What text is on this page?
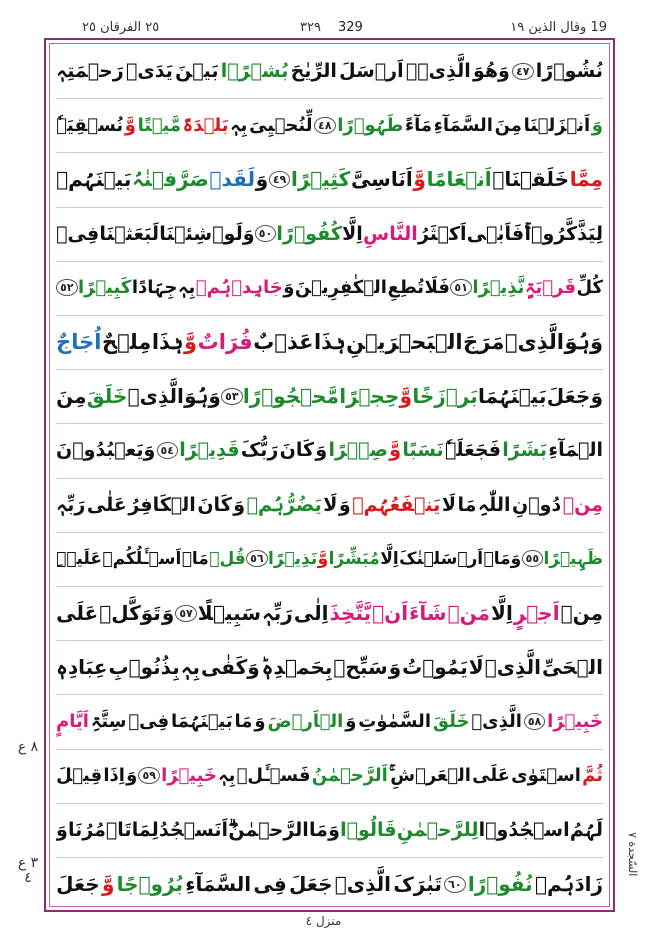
٢٥ الفرقان ٢٥	٣٢٩ 329	19 وقال الذين ١٩
نُشُوۡرًا
٤٧
وَهُوَ
الَّذِیۡۤ
اَرۡسَلَ
الرِّیٰحَ
بُشۡرًۢا
بَیۡنَ
یَدَیۡ
رَحۡمَتِہٖ
وَ
اَنۡزَلۡنَا
مِنَ
السَّمَآءِ
مَآءً
طَہُوۡرًا
٤٨
لِّنُحۡیِیَ
بِہٖ
بَلۡدَۃً
مَّیۡتًا
وَّ
نُسۡقِیَہٗ
مِمَّا
خَلَقۡنَاۤ
اَنۡعَامًا
وَّ
اَنَاسِیَّ
کَثِیۡرًا
٤٩
وَ
لَقَدۡ
صَرَّفۡنٰہُ
بَیۡنَہُمۡ
لِیَذَّکَّرُوۡا
فَاَبٰۤی
اَکۡثَرُ
النَّاسِ
اِلَّا
کُفُوۡرًا
٥٠
وَلَوۡ
شِئۡنَا
لَبَعَثۡنَا
فِیۡ
کُلِّ
قَرۡیَۃٍ
نَّذِیۡرًا
٥١
فَلَا
تُطِعِ
الۡکٰفِرِیۡنَ
وَ
جَاہِدۡہُمۡ
بِہٖ
جِہَادًا
کَبِیۡرًا
٥٢
وَہُوَ
الَّذِیۡ
مَرَجَ
الۡبَحۡرَیۡنِ
ہٰذَا
عَذۡبٌ
فُرَاتٌ
وَّ
ہٰذَا
مِلۡحٌ
اُجَاجٌ
وَ
جَعَلَ
بَیۡنَہُمَا
بَرۡزَخًا
وَّ
حِجۡرًا
مَّحۡجُوۡرًا
٥٣
وَہُوَ
الَّذِیۡ
خَلَقَ
مِنَ
الۡمَآءِ
بَشَرًا
فَجَعَلَہٗ
نَسَبًا
وَّ
صِہۡرًا
وَ
کَانَ
رَبُّکَ
قَدِیۡرًا
٥٤
وَیَعۡبُدُوۡنَ
مِنۡ
دُوۡنِ
اللّٰہِ
مَا
لَا
یَنۡفَعُہُمۡ
وَ
لَا
یَضُرُّہُمۡ
وَ
کَانَ
الۡکَافِرُ
عَلٰی
رَبِّہٖ
ظَہِیۡرًا
٥٥
وَمَاۤ
اَرۡسَلۡنٰکَ
اِلَّا
مُبَشِّرًا
وَّ
نَذِیۡرًا
٥٦
قُلۡ
مَاۤ
اَسۡـَٔلُکُمۡ
عَلَیۡہِ
مِنۡ
اَجۡرٍ
اِلَّا
مَنۡ
شَآءَ
اَنۡ
یَّتَّخِذَ
اِلٰی
رَبِّہٖ
سَبِیۡلًا
٥٧
وَ
تَوَکَّلۡ
عَلَی
الۡحَیِّ
الَّذِیۡ
لَا
یَمُوۡتُ
وَ
سَبِّحۡ
بِحَمۡدِہٖ
وَکَفٰی
بِہٖ
بِذُنُوۡبِ
عِبَادِہٖ
خَبِیۡرًا
٥٨
الَّذِیۡ
خَلَقَ
السَّمٰوٰتِ
وَ
الۡاَرۡضَ
وَ
مَا
بَیۡنَہُمَا
فِیۡ
سِتَّۃِ
اَیَّامٍ
ثُمَّ
اسۡتَوٰی
عَلَی
الۡعَرۡشِ
اَلرَّحۡمٰنُ
فَسۡـَٔلۡ
بِہٖ
خَبِیۡرًا
٥٩
وَ
اِذَا
قِیۡلَ
لَہُمُ
اسۡجُدُوۡا
لِلرَّحۡمٰنِ
قَالُوۡا
وَ
مَا
الرَّحۡمٰنُ
اَنَسۡجُدُ
لِمَا
تَاۡمُرُنَا
وَ
زَادَہُمۡ
نُفُوۡرًا
٦٠
تَبٰرَکَ
الَّذِیۡ
جَعَلَ
فِی
السَّمَآءِ
بُرُوۡجًا
وَّ
جَعَلَ
٨ ع
٣ ع ٤
السّجدة ٧
منزل ٤
